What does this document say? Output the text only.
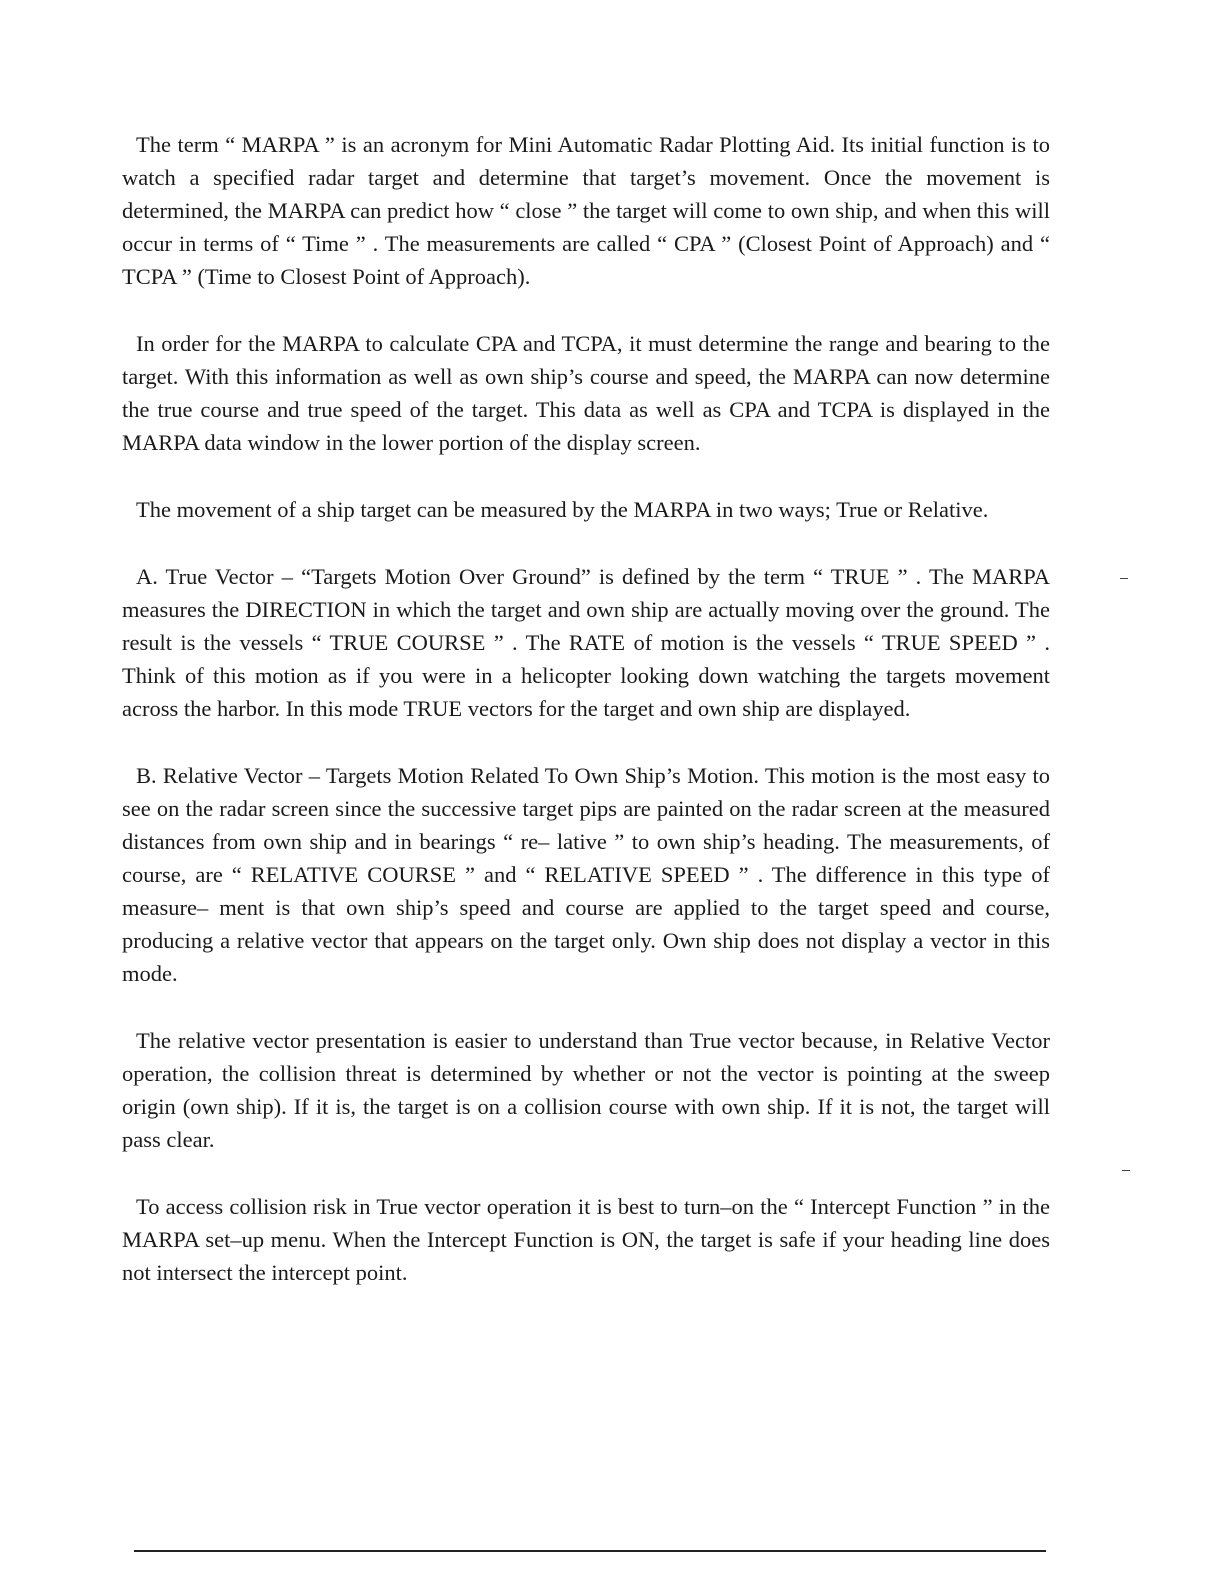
The term “ MARPA ” is an acronym for Mini Automatic Radar Plotting Aid. Its initial function is to watch a specified radar target and determine that target’s movement. Once the movement is determined, the MARPA can predict how “ close ” the target will come to own ship, and when this will occur in terms of “ Time ” . The measurements are called “ CPA ” (Closest Point of Approach) and “ TCPA ” (Time to Closest Point of Approach).

In order for the MARPA to calculate CPA and TCPA, it must determine the range and bearing to the target. With this information as well as own ship’s course and speed, the MARPA can now determine the true course and true speed of the target. This data as well as CPA and TCPA is displayed in the MARPA data window in the lower portion of the display screen.

The movement of a ship target can be measured by the MARPA in two ways; True or Relative.

A. True Vector – “Targets Motion Over Ground” is defined by the term “ TRUE ” . The MARPA measures the DIRECTION in which the target and own ship are actually moving over the ground. The result is the vessels “ TRUE COURSE ” . The RATE of motion is the vessels “ TRUE SPEED ” . Think of this motion as if you were in a helicopter looking down watching the targets movement across the harbor. In this mode TRUE vectors for the target and own ship are displayed.

B. Relative Vector – Targets Motion Related To Own Ship’s Motion. This motion is the most easy to see on the radar screen since the successive target pips are painted on the radar screen at the measured distances from own ship and in bearings “ re– lative ” to own ship’s heading. The measurements, of course, are “ RELATIVE COURSE ” and “ RELATIVE SPEED ” . The difference in this type of measure– ment is that own ship’s speed and course are applied to the target speed and course, producing a relative vector that appears on the target only. Own ship does not display a vector in this mode.

The relative vector presentation is easier to understand than True vector because, in Relative Vector operation, the collision threat is determined by whether or not the vector is pointing at the sweep origin (own ship). If it is, the target is on a collision course with own ship. If it is not, the target will pass clear.

To access collision risk in True vector operation it is best to turn–on the “ Intercept Function ” in the MARPA set–up menu. When the Intercept Function is ON, the target is safe if your heading line does not intersect the intercept point.
